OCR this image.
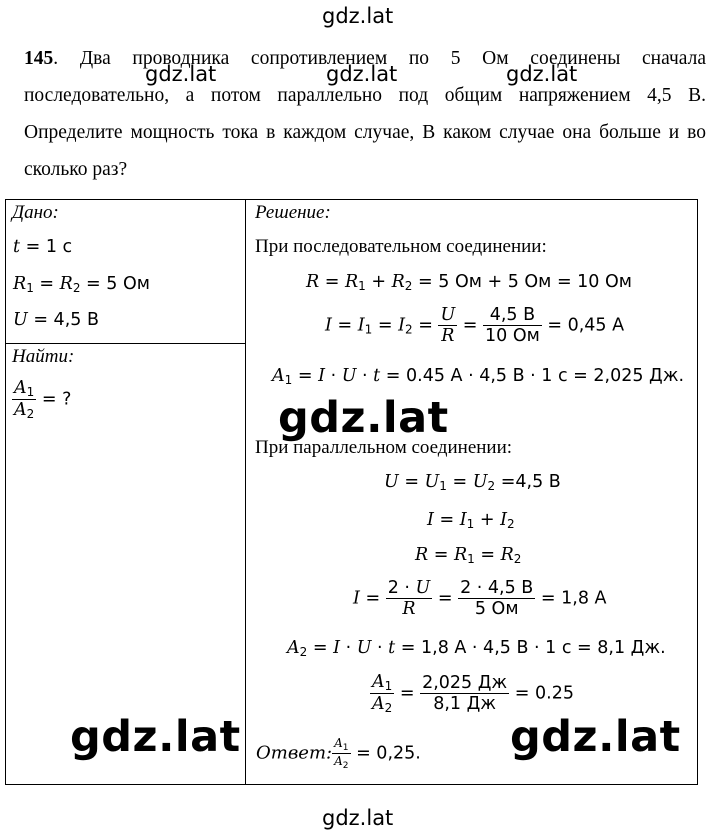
gdz.lat
gdz.lat	gdz.lat	gdz.lat
145. Два проводника сопротивлением по 5 Ом соединены сначала последовательно, а потом параллельно под общим напряжением 4,5 В. Определите мощность тока в каждом случае, В каком случае она больше и во сколько раз?
Дано:
t = 1 с
$R_1 = R_2 = 5$ Ом
U = 4,5 В
Найти:
$\frac{A_1}{A_2}$ = ?
Решение:
При последовательном соединении:
$R = R_1 + R_2 = 5$ Ом + 5 Ом = 10 Ом
$I = I_1 = I_2 = \frac{U}{R} = \frac{4,5 В}{10 Ом} = 0,45$ А
$A_1 = I \cdot U \cdot t = 0.45$ А · 4,5 В · 1 с = 2,025 Дж.
gdz.lat
При параллельном соединении:
$U = U_1 = U_2 =4,5$ В
$I = I_1 + I_2$
$R = R_1 = R_2$
$I = \frac{2 \cdot U}{R} = \frac{2 \cdot 4,5 В}{5 Ом} = 1,8$ А
$A_2 = I \cdot U \cdot t = 1,8$ А · 4,5 В · 1 с = 8,1 Дж.
$\frac{A_1}{A_2} = \frac{2,025 Дж}{8,1 Дж} = 0.25$
Ответ: $\frac{A_1}{A_2} = 0,25$.
gdz.lat	gdz.lat
gdz.lat
